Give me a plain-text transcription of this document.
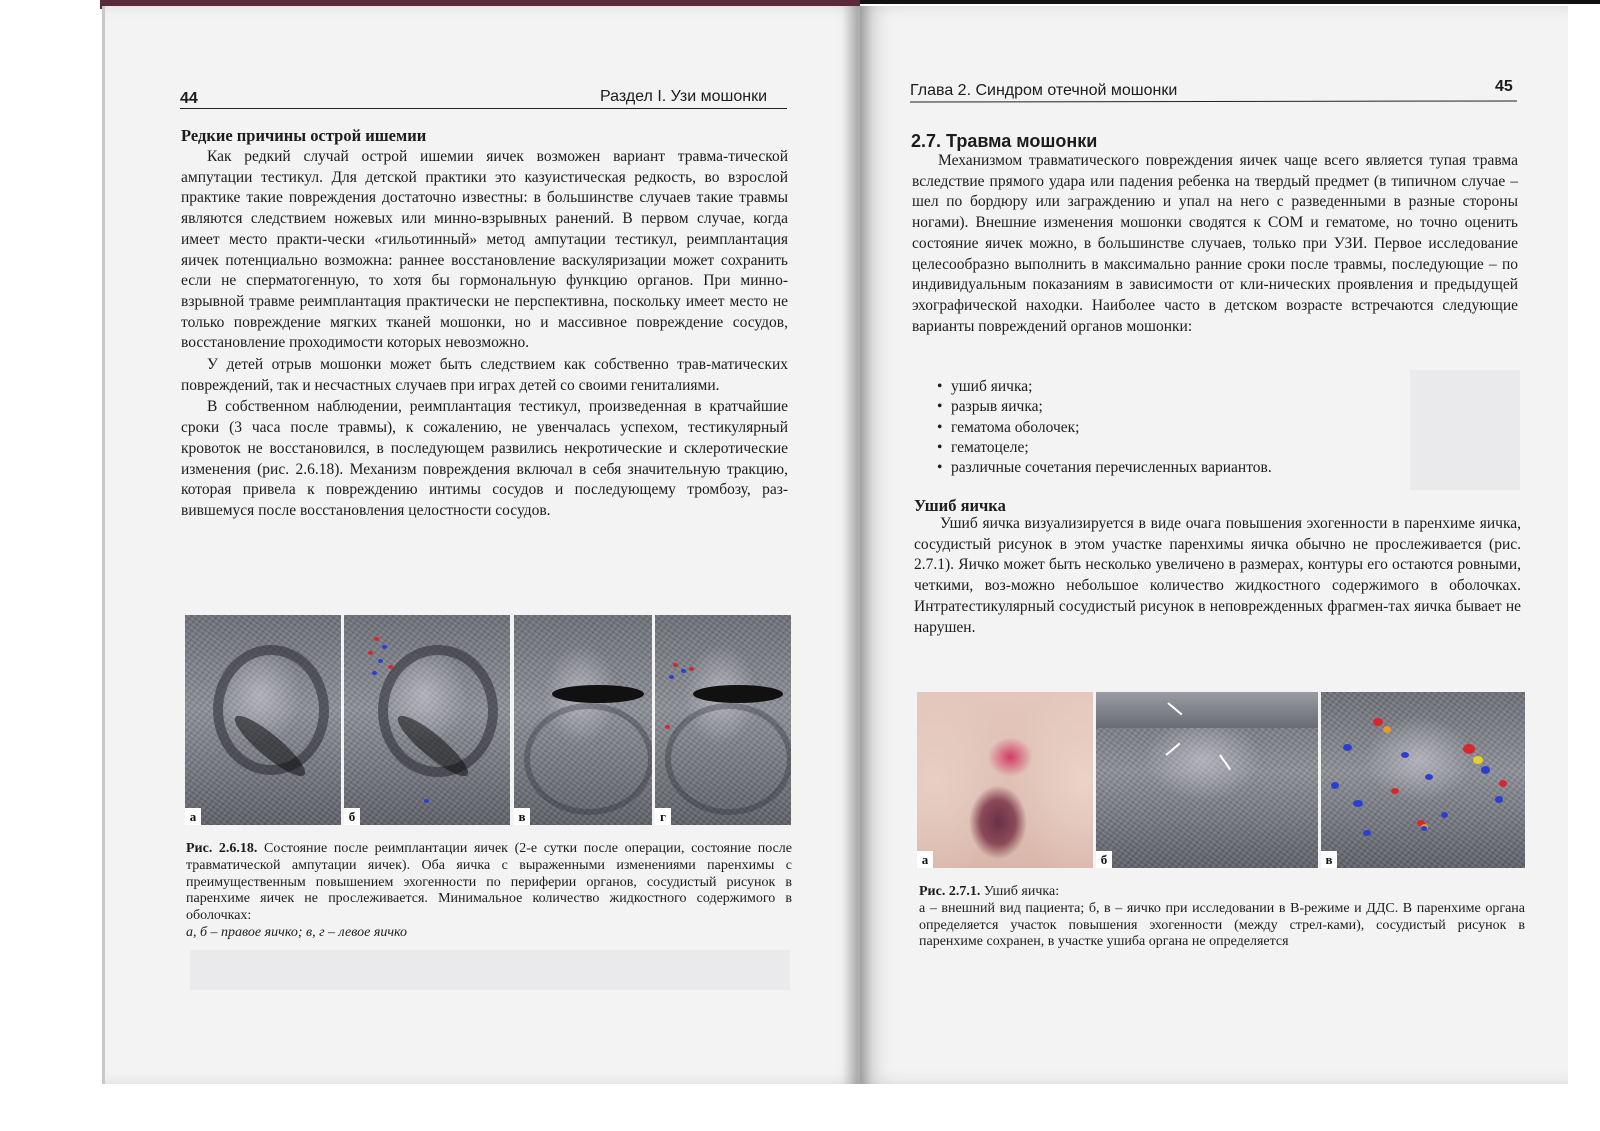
44	Раздел I. Узи мошонки
Редкие причины острой ишемии

Как редкий случай острой ишемии яичек возможен вариант травма-тической ампутации тестикул. Для детской практики это казуистическая редкость, во взрослой практике такие повреждения достаточно известны: в большинстве случаев такие травмы являются следствием ножевых или минно-взрывных ранений. В первом случае, когда имеет место практи-чески «гильотинный» метод ампутации тестикул, реимплантация яичек потенциально возможна: раннее восстановление васкуляризации может сохранить если не сперматогенную, то хотя бы гормональную функцию органов. При минно-взрывной травме реимплантация практически не перспективна, поскольку имеет место не только повреждение мягких тканей мошонки, но и массивное повреждение сосудов, восстановление проходимости которых невозможно.

У детей отрыв мошонки может быть следствием как собственно трав-матических повреждений, так и несчастных случаев при играх детей со своими гениталиями.

В собственном наблюдении, реимплантация тестикул, произведенная в кратчайшие сроки (3 часа после травмы), к сожалению, не увенчалась успехом, тестикулярный кровоток не восстановился, в последующем развились некротические и склеротические изменения (рис. 2.6.18). Механизм повреждения включал в себя значительную тракцию, которая привела к повреждению интимы сосудов и последующему тромбозу, раз-вившемуся после восстановления целостности сосудов.

а	б	в	г
Рис. 2.6.18. Состояние после реимплантации яичек (2-е сутки после операции, состояние после травматической ампутации яичек). Оба яичка с выраженными изменениями паренхимы с преимущественным повышением эхогенности по периферии органов, сосудистый рисунок в паренхиме яичек не прослеживается. Минимальное количество жидкостного содержимого в оболочках:
а, б – правое яичко; в, г – левое яичко
Глава 2. Синдром отечной мошонки	45
2.7. Травма мошонки

Механизмом травматического повреждения яичек чаще всего является тупая травма вследствие прямого удара или падения ребенка на твердый предмет (в типичном случае – шел по бордюру или заграждению и упал на него с разведенными в разные стороны ногами). Внешние изменения мошонки сводятся к СОМ и гематоме, но точно оценить состояние яичек можно, в большинстве случаев, только при УЗИ. Первое исследование целесообразно выполнить в максимально ранние сроки после травмы, последующие – по индивидуальным показаниям в зависимости от кли-нических проявления и предыдущей эхографической находки. Наиболее часто в детском возрасте встречаются следующие варианты повреждений органов мошонки:

• ушиб яичка;
• разрыв яичка;
• гематома оболочек;
• гематоцеле;
• различные сочетания перечисленных вариантов.
Ушиб яичка

Ушиб яичка визуализируется в виде очага повышения эхогенности в паренхиме яичка, сосудистый рисунок в этом участке паренхимы яичка обычно не прослеживается (рис. 2.7.1). Яичко может быть несколько увеличено в размерах, контуры его остаются ровными, четкими, воз-можно небольшое количество жидкостного содержимого в оболочках. Интратестикулярный сосудистый рисунок в неповрежденных фрагмен-тах яичка бывает не нарушен.

а	б	в
Рис. 2.7.1. Ушиб яичка:
а – внешний вид пациента; б, в – яичко при исследовании в В-режиме и ДДС. В паренхиме органа определяется участок повышения эхогенности (между стрел-ками), сосудистый рисунок в паренхиме сохранен, в участке ушиба органа не определяется
